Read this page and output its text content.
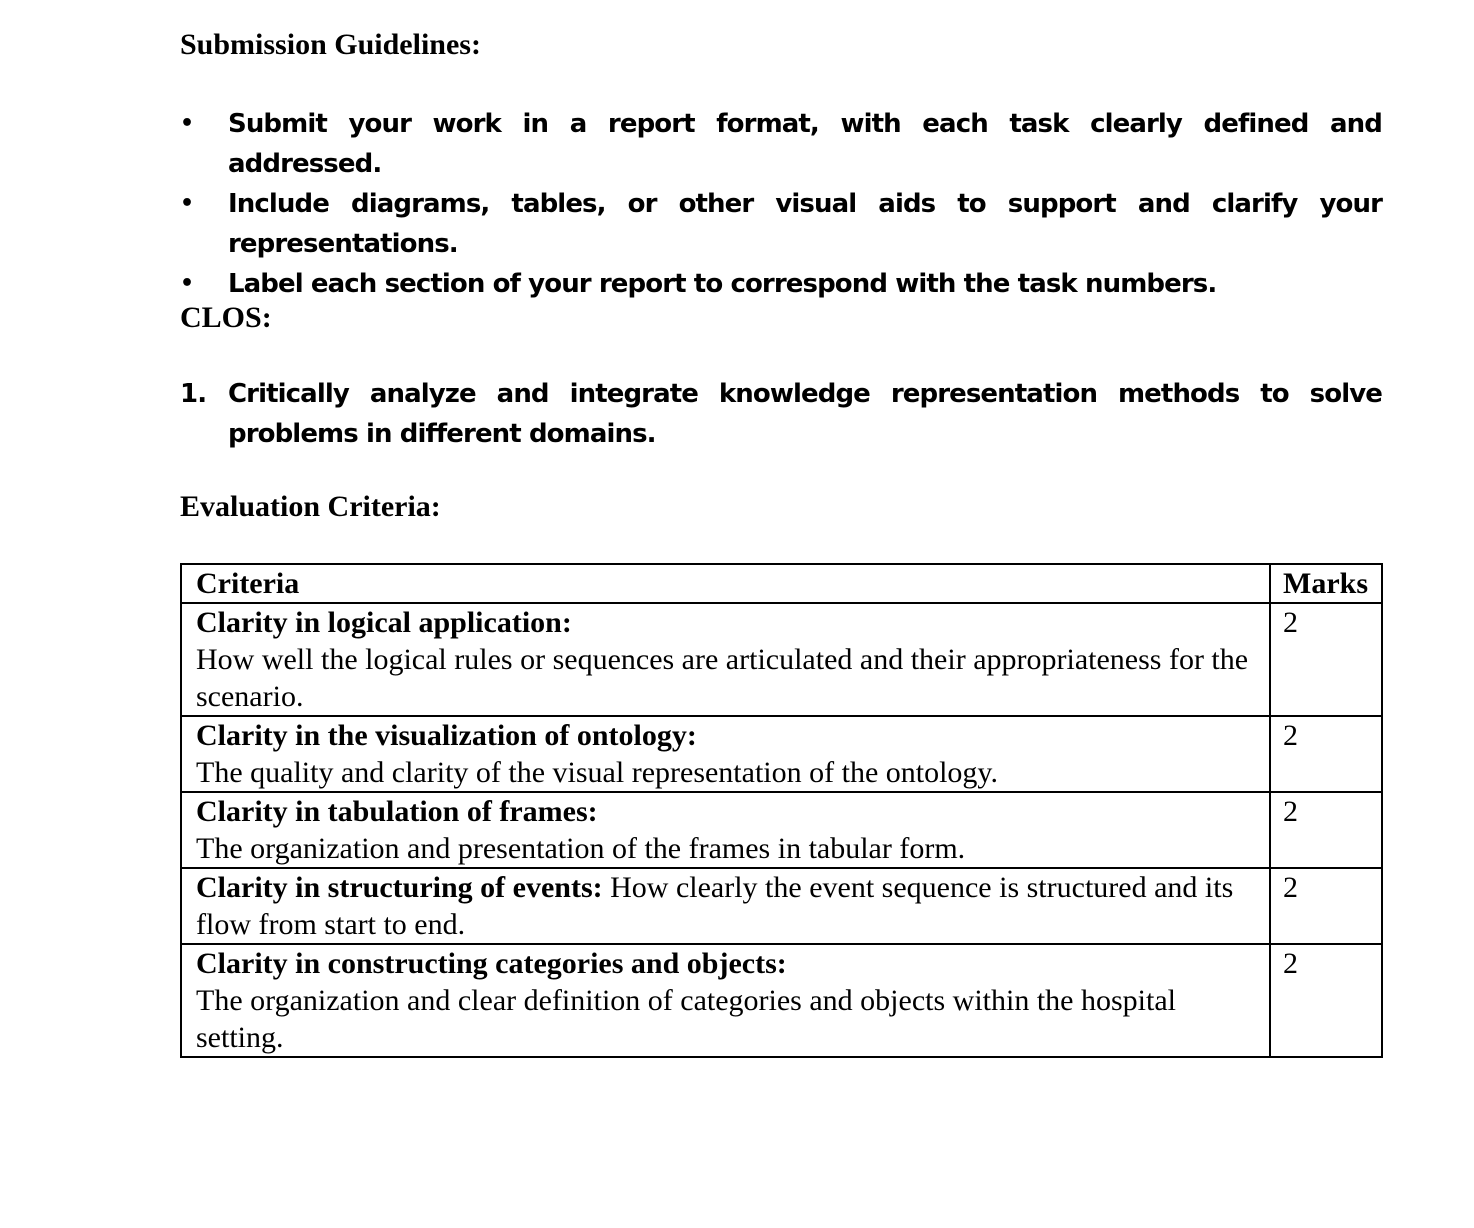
Submission Guidelines:
• Submit your work in a report format, with each task clearly defined and addressed.
• Include diagrams, tables, or other visual aids to support and clarify your representations.
• Label each section of your report to correspond with the task numbers.
CLOS:
1. Critically analyze and integrate knowledge representation methods to solve problems in different domains.
Evaluation Criteria:
Criteria	Marks

Clarity in logical application:
How well the logical rules or sequences are articulated and their appropriateness for the scenario.	2

Clarity in the visualization of ontology:
The quality and clarity of the visual representation of the ontology.	2

Clarity in tabulation of frames:
The organization and presentation of the frames in tabular form.	2
Clarity in structuring of events: How clearly the event sequence is structured and its flow from start to end.	2

Clarity in constructing categories and objects:
The organization and clear definition of categories and objects within the hospital setting.	2
